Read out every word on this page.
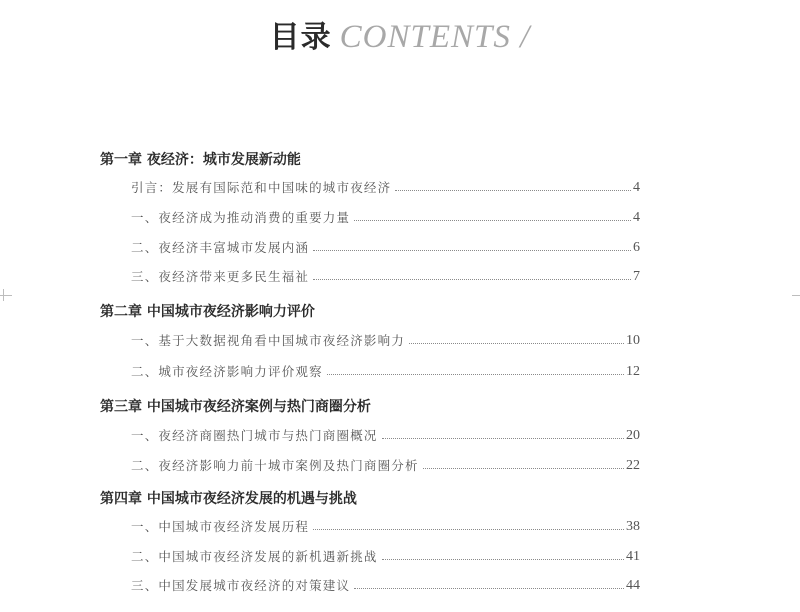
目录 CONTENTS /
第一章 夜经济：城市发展新动能
引言：发展有国际范和中国味的城市夜经济	4
一、夜经济成为推动消费的重要力量	4
二、夜经济丰富城市发展内涵	6
三、夜经济带来更多民生福祉	7
第二章 中国城市夜经济影响力评价
一、基于大数据视角看中国城市夜经济影响力	10
二、城市夜经济影响力评价观察	12
第三章 中国城市夜经济案例与热门商圈分析
一、夜经济商圈热门城市与热门商圈概况	20
二、夜经济影响力前十城市案例及热门商圈分析	22
第四章 中国城市夜经济发展的机遇与挑战
一、中国城市夜经济发展历程	38
二、中国城市夜经济发展的新机遇新挑战	41
三、中国发展城市夜经济的对策建议	44
